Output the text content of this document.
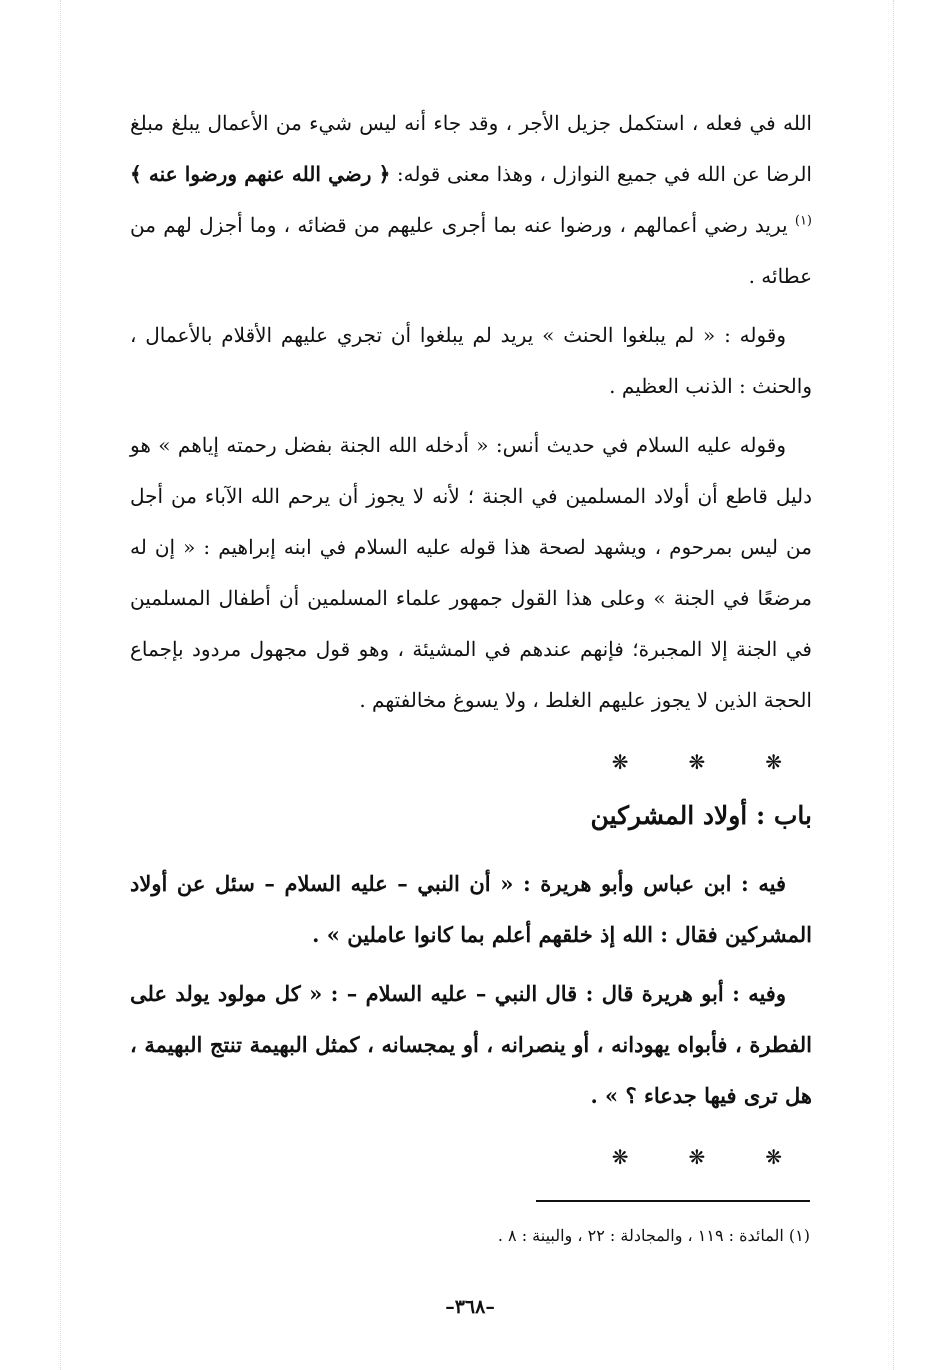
الله في فعله ، استكمل جزيل الأجر ، وقد جاء أنه ليس شيء من الأعمال يبلغ مبلغ الرضا عن الله في جميع النوازل ، وهذا معنى قوله: ﴿ رضي الله عنهم ورضوا عنه ﴾ $^{(١)}$ يريد رضي أعمالهم ، ورضوا عنه بما أجرى عليهم من قضائه ، وما أجزل لهم من عطائه .

وقوله : « لم يبلغوا الحنث » يريد لم يبلغوا أن تجري عليهم الأقلام بالأعمال ، والحنث : الذنب العظيم .

وقوله عليه السلام في حديث أنس: « أدخله الله الجنة بفضل رحمته إياهم » هو دليل قاطع أن أولاد المسلمين في الجنة ؛ لأنه لا يجوز أن يرحم الله الآباء من أجل من ليس بمرحوم ، ويشهد لصحة هذا قوله عليه السلام في ابنه إبراهيم : « إن له مرضعًا في الجنة » وعلى هذا القول جمهور علماء المسلمين أن أطفال المسلمين في الجنة إلا المجبرة؛ فإنهم عندهم في المشيئة ، وهو قول مجهول مردود بإجماع الحجة الذين لا يجوز عليهم الغلط ، ولا يسوغ مخالفتهم .

❋❋❋
باب : أولاد المشركين

فيه : ابن عباس وأبو هريرة : « أن النبي – عليه السلام – سئل عن أولاد المشركين فقال : الله إذ خلقهم أعلم بما كانوا عاملين » .

وفيه : أبو هريرة قال : قال النبي – عليه السلام – : « كل مولود يولد على الفطرة ، فأبواه يهودانه ، أو ينصرانه ، أو يمجسانه ، كمثل البهيمة تنتج البهيمة ، هل ترى فيها جدعاء ؟ » .

❋❋❋
(١) المائدة : ١١٩ ، والمجادلة : ٢٢ ، والبينة : ٨ .
–٣٦٨–
